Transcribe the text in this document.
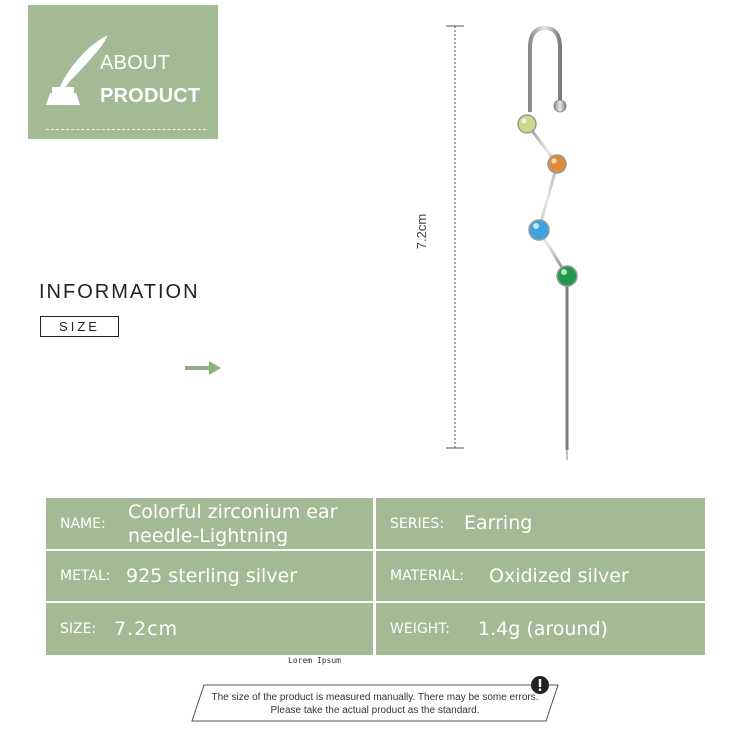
ABOUT
PRODUCT
INFORMATION
SIZE
7.2cm
NAME:
Colorful zirconium ear
needle-Lightning
SERIES: Earring
METAL: 925 sterling silver	MATERIAL: Oxidized silver
SIZE: 7.2cm	WEIGHT: 1.4g (around)
Lorem Ipsum
The size of the product is measured manually. There may be some errors.
Please take the actual product as the standard.
